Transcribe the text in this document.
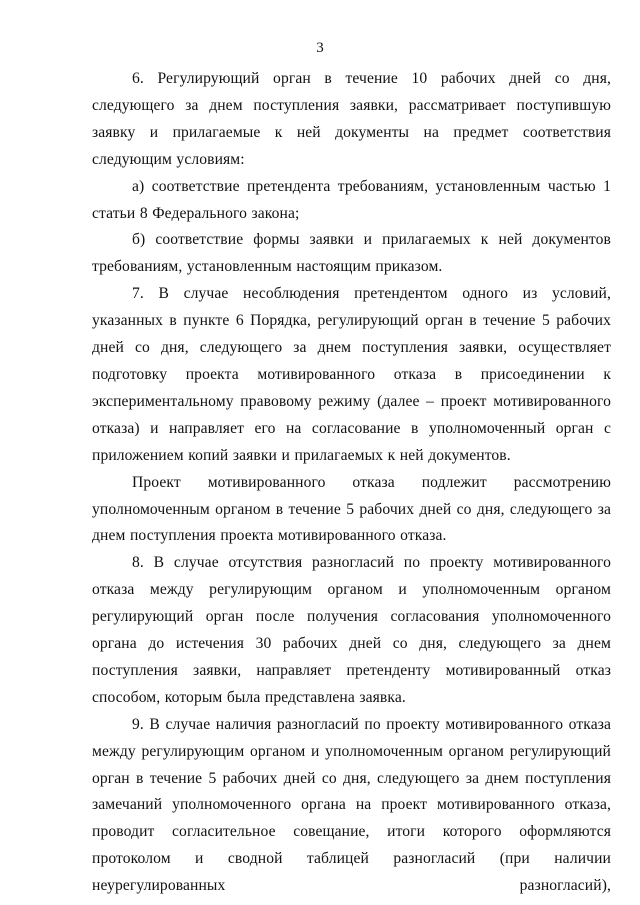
3

6. Регулирующий орган в течение 10 рабочих дней со дня, следующего за днем поступления заявки, рассматривает поступившую заявку и прилагаемые к ней документы на предмет соответствия следующим условиям:

а) соответствие претендента требованиям, установленным частью 1 статьи 8 Федерального закона;

б) соответствие формы заявки и прилагаемых к ней документов требованиям, установленным настоящим приказом.

7. В случае несоблюдения претендентом одного из условий, указанных в пункте 6 Порядка, регулирующий орган в течение 5 рабочих дней со дня, следующего за днем поступления заявки, осуществляет подготовку проекта мотивированного отказа в присоединении к экспериментальному правовому режиму (далее – проект мотивированного отказа) и направляет его на согласование в уполномоченный орган с приложением копий заявки и прилагаемых к ней документов.

Проект мотивированного отказа подлежит рассмотрению уполномоченным органом в течение 5 рабочих дней со дня, следующего за днем поступления проекта мотивированного отказа.

8. В случае отсутствия разногласий по проекту мотивированного отказа между регулирующим органом и уполномоченным органом регулирующий орган после получения согласования уполномоченного органа до истечения 30 рабочих дней со дня, следующего за днем поступления заявки, направляет претенденту мотивированный отказ способом, которым была представлена заявка.

9. В случае наличия разногласий по проекту мотивированного отказа между регулирующим органом и уполномоченным органом регулирующий орган в течение 5 рабочих дней со дня, следующего за днем поступления замечаний уполномоченного органа на проект мотивированного отказа, проводит согласительное совещание, итоги которого оформляются протоколом и сводной таблицей разногласий (при наличии неурегулированных разногласий),
